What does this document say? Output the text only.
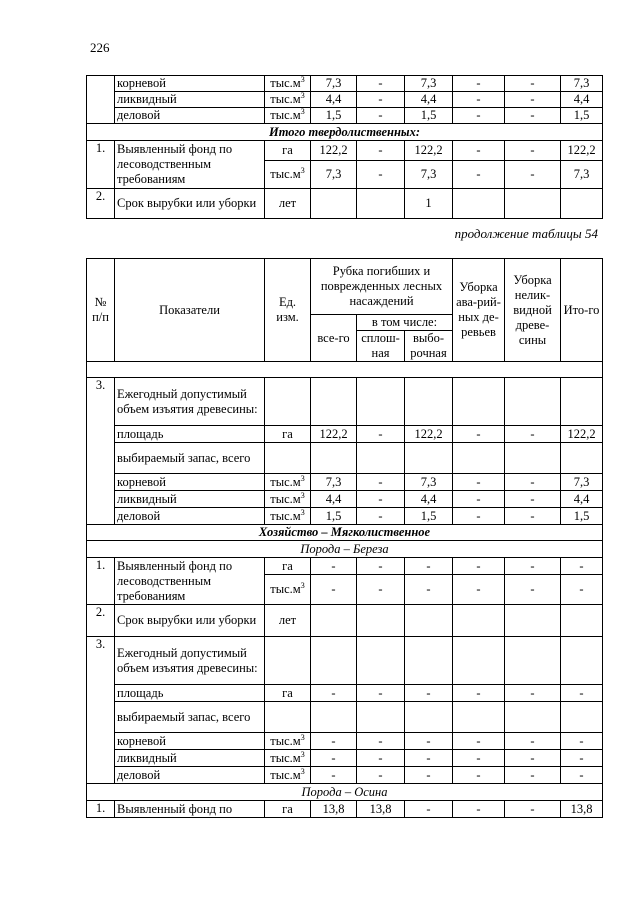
226
	корневой	$тыс.м^3$	7,3	-	7,3	-	-	7,3
	ликвидный	$тыс.м^3$	4,4	-	4,4	-	-	4,4
	деловой	$тыс.м^3$	1,5	-	1,5	-	-	1,5
Итого твердолиственных:								
1.	Выявленный фонд по лесоводственным требованиям	га	122,2	-	122,2	-	-	122,2
		$тыс.м^3$	7,3	-	7,3	-	-	7,3
2.	Срок вырубки или уборки	лет			1			
продолжение таблицы 54
№ п/п	Показатели	Ед. изм.	Рубка погибших и поврежденных лесных насаждений			Уборка ава-рий-ных де-ревьев	Уборка нелик-видной древе-сины	Ито-го
			все-го	в том числе:				
				сплош-ная	выбо-рочная			

3.	Ежегодный допустимый объем изъятия древесины:							
	площадь	га	122,2	-	122,2	-	-	122,2
	выбираемый запас, всего							
	корневой	$тыс.м^3$	7,3	-	7,3	-	-	7,3
	ликвидный	$тыс.м^3$	4,4	-	4,4	-	-	4,4
	деловой	$тыс.м^3$	1,5	-	1,5	-	-	1,5
Хозяйство – Мягколиственное								
Порода – Береза								
1.	Выявленный фонд по лесоводственным требованиям	га	-	-	-	-	-	-
		$тыс.м^3$	-	-	-	-	-	-
2.	Срок вырубки или уборки	лет						
3.	Ежегодный допустимый объем изъятия древесины:							
	площадь	га	-	-	-	-	-	-
	выбираемый запас, всего							
	корневой	$тыс.м^3$	-	-	-	-	-	-
	ликвидный	$тыс.м^3$	-	-	-	-	-	-
	деловой	$тыс.м^3$	-	-	-	-	-	-
Порода – Осина								
1.	Выявленный фонд по	га	13,8	13,8	-	-	-	13,8
